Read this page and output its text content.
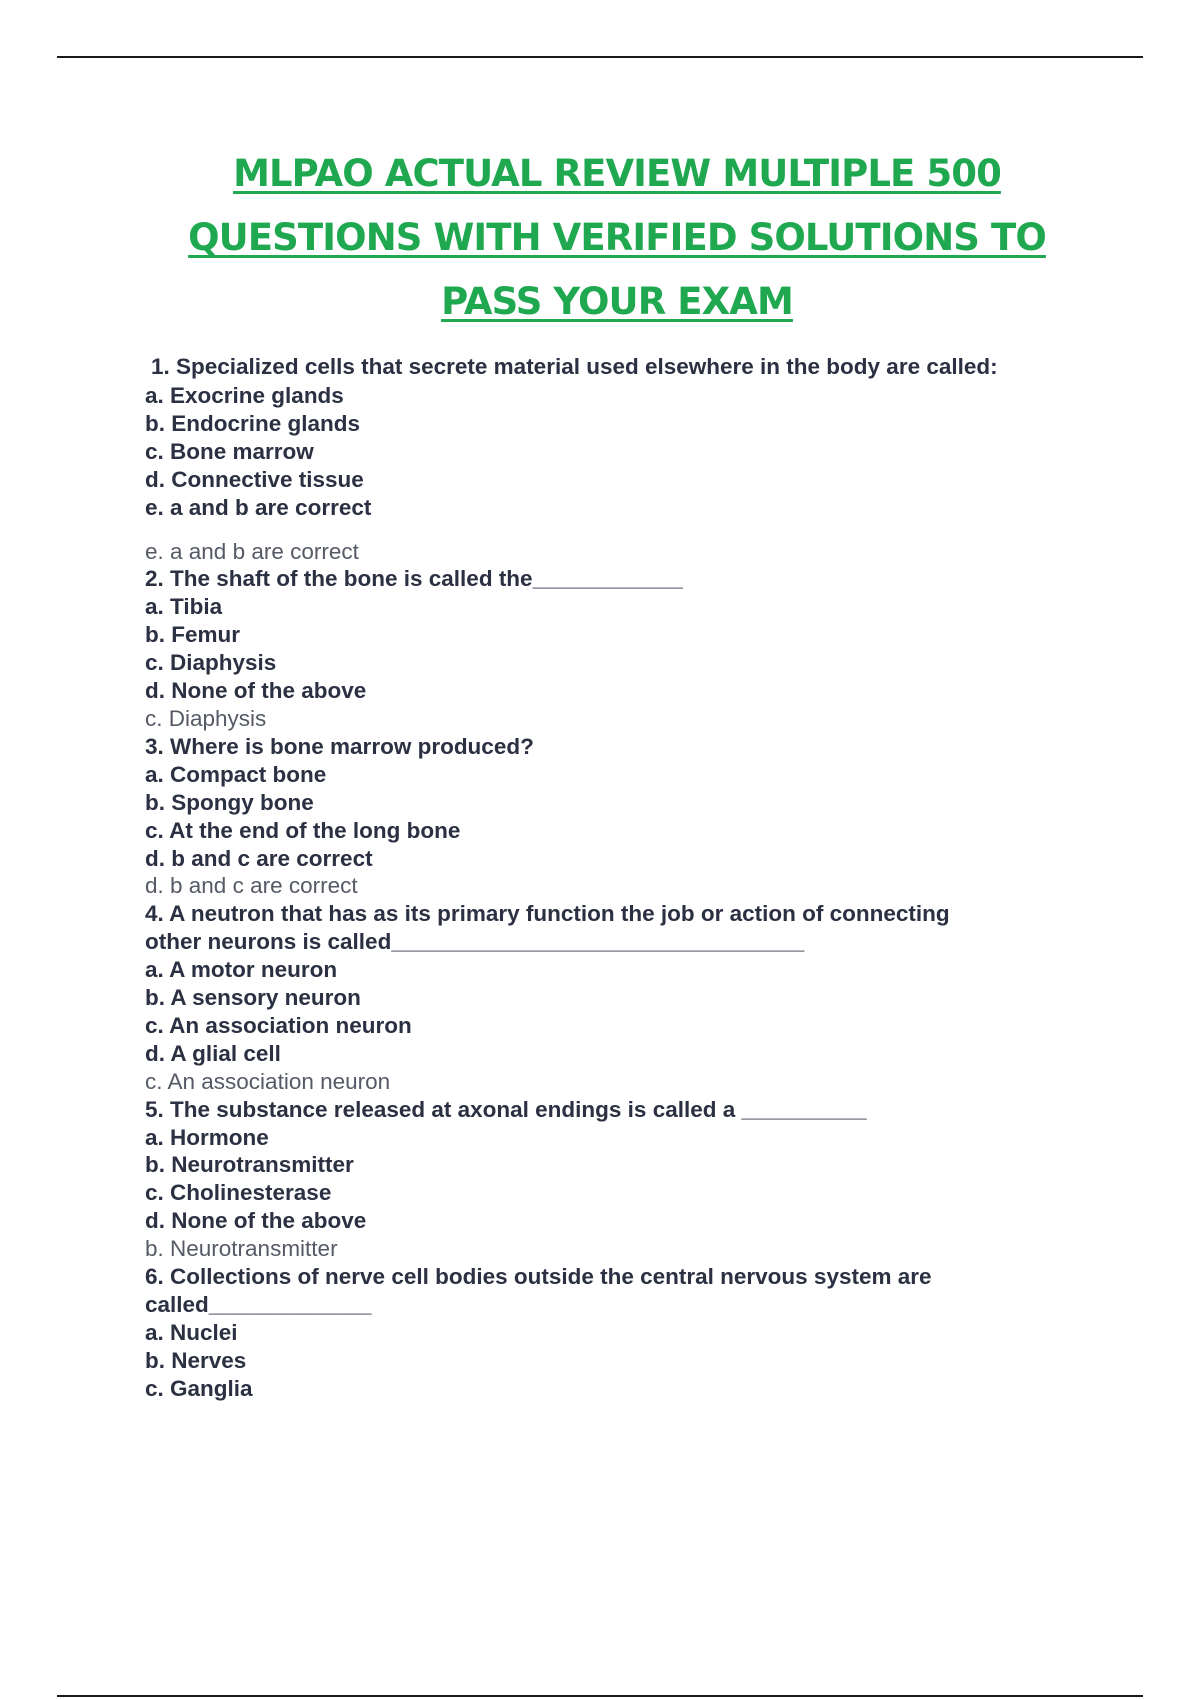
MLPAO ACTUAL REVIEW MULTIPLE 500
QUESTIONS WITH VERIFIED SOLUTIONS TO
PASS YOUR EXAM
1. Specialized cells that secrete material used elsewhere in the body are called:
a. Exocrine glands
b. Endocrine glands
c. Bone marrow
d. Connective tissue
e. a and b are correct
e. a and b are correct
2. The shaft of the bone is called the____________
a. Tibia
b. Femur
c. Diaphysis
d. None of the above
c. Diaphysis
3. Where is bone marrow produced?
a. Compact bone
b. Spongy bone
c. At the end of the long bone
d. b and c are correct
d. b and c are correct
4. A neutron that has as its primary function the job or action of connecting
other neurons is called_________________________________
a. A motor neuron
b. A sensory neuron
c. An association neuron
d. A glial cell
c. An association neuron
5. The substance released at axonal endings is called a __________
a. Hormone
b. Neurotransmitter
c. Cholinesterase
d. None of the above
b. Neurotransmitter
6. Collections of nerve cell bodies outside the central nervous system are
called_____________
a. Nuclei
b. Nerves
c. Ganglia
